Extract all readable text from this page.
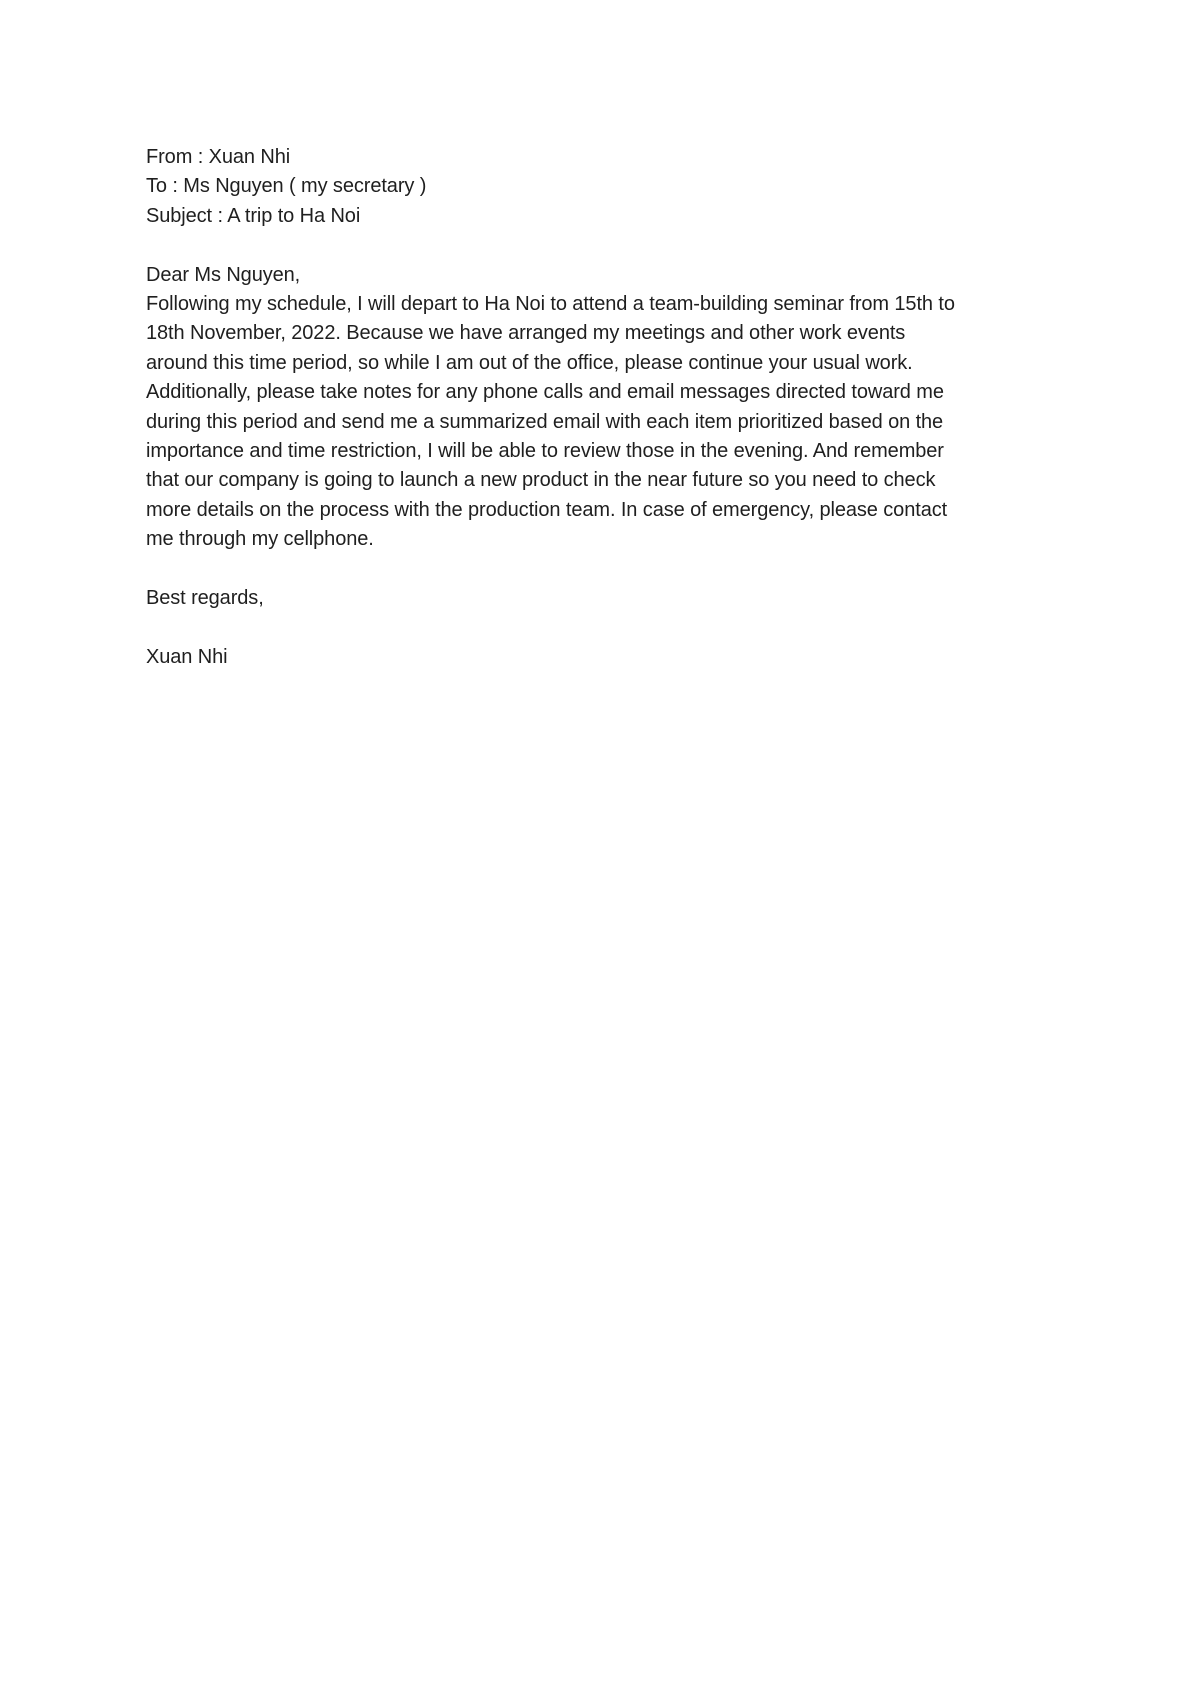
From : Xuan Nhi
To : Ms Nguyen ( my secretary )
Subject : A trip to Ha Noi
Dear Ms Nguyen,
Following my schedule, I will depart to Ha Noi to attend a team-building seminar from 15th to
18th November, 2022. Because we have arranged my meetings and other work events
around this time period, so while I am out of the office, please continue your usual work.
Additionally, please take notes for any phone calls and email messages directed toward me
during this period and send me a summarized email with each item prioritized based on the
importance and time restriction, I will be able to review those in the evening. And remember
that our company is going to launch a new product in the near future so you need to check
more details on the process with the production team. In case of emergency, please contact
me through my cellphone.
Best regards,
Xuan Nhi
